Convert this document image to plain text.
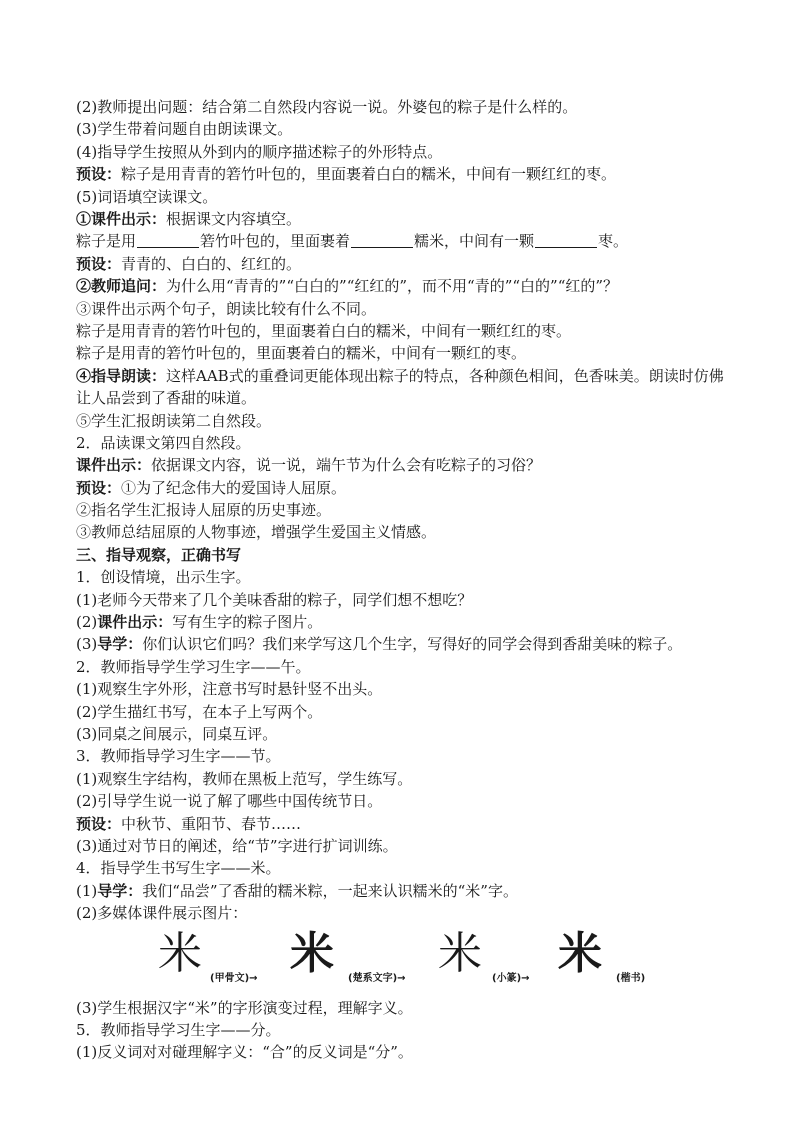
(2)教师提出问题：结合第二自然段内容说一说。外婆包的粽子是什么样的。
(3)学生带着问题自由朗读课文。
(4)指导学生按照从外到内的顺序描述粽子的外形特点。
预设：粽子是用青青的箬竹叶包的，里面裹着白白的糯米，中间有一颗红红的枣。
(5)词语填空读课文。
①课件出示：根据课文内容填空。
粽子是用	箬竹叶包的，里面裹着	糯米，中间有一颗	枣。
预设：青青的、白白的、红红的。
②教师追问：为什么用“青青的”“白白的”“红红的”，而不用“青的”“白的”“红的”？
③课件出示两个句子，朗读比较有什么不同。
粽子是用青青的箬竹叶包的，里面裹着白白的糯米，中间有一颗红红的枣。
粽子是用青的箬竹叶包的，里面裹着白的糯米，中间有一颗红的枣。
④指导朗读：这样AAB式的重叠词更能体现出粽子的特点，各种颜色相间，色香味美。朗读时仿佛让人品尝到了香甜的味道。
⑤学生汇报朗读第二自然段。
2．品读课文第四自然段。
课件出示：依据课文内容，说一说，端午节为什么会有吃粽子的习俗？
预设：①为了纪念伟大的爱国诗人屈原。
②指名学生汇报诗人屈原的历史事迹。
③教师总结屈原的人物事迹，增强学生爱国主义情感。
三、指导观察，正确书写
1．创设情境，出示生字。
(1)老师今天带来了几个美味香甜的粽子，同学们想不想吃？
(2)课件出示：写有生字的粽子图片。
(3)导学：你们认识它们吗？我们来学写这几个生字，写得好的同学会得到香甜美味的粽子。
2．教师指导学生学习生字——午。
(1)观察生字外形，注意书写时悬针竖不出头。
(2)学生描红书写，在本子上写两个。
(3)同桌之间展示，同桌互评。
3．教师指导学习生字——节。
(1)观察生字结构，教师在黑板上范写，学生练写。
(2)引导学生说一说了解了哪些中国传统节日。
预设：中秋节、重阳节、春节……
(3)通过对节日的阐述，给“节”字进行扩词训练。
4．指导学生书写生字——米。
(1)导学：我们“品尝”了香甜的糯米粽，一起来认识糯米的“米”字。
(2)多媒体课件展示图片：
米 (甲骨文)→ 米 (楚系文字)→ 米 (小篆)→ 米 (楷书)
(3)学生根据汉字“米”的字形演变过程，理解字义。
5．教师指导学习生字——分。
(1)反义词对对碰理解字义：“合”的反义词是“分”。
